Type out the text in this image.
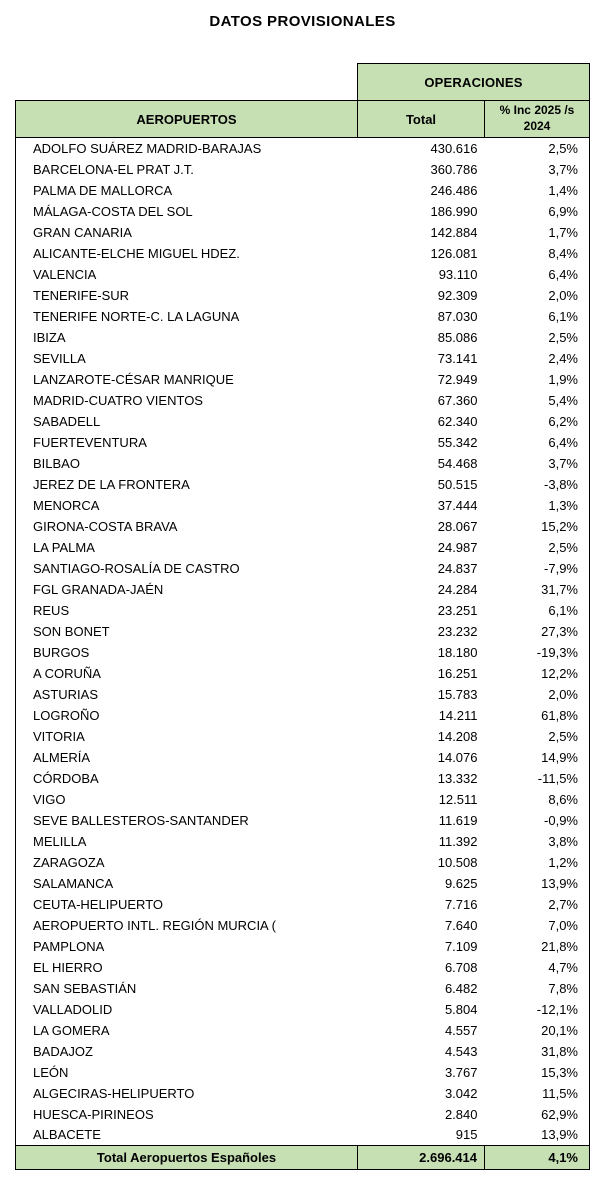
DATOS PROVISIONALES
	OPERACIONES	
AEROPUERTOS	Total	% Inc 2025 /s 2024
ADOLFO SUÁREZ MADRID-BARAJAS	430.616	2,5%
BARCELONA-EL PRAT J.T.	360.786	3,7%
PALMA DE MALLORCA	246.486	1,4%
MÁLAGA-COSTA DEL SOL	186.990	6,9%
GRAN CANARIA	142.884	1,7%
ALICANTE-ELCHE MIGUEL HDEZ.	126.081	8,4%
VALENCIA	93.110	6,4%
TENERIFE-SUR	92.309	2,0%
TENERIFE NORTE-C. LA LAGUNA	87.030	6,1%
IBIZA	85.086	2,5%
SEVILLA	73.141	2,4%
LANZAROTE-CÉSAR MANRIQUE	72.949	1,9%
MADRID-CUATRO VIENTOS	67.360	5,4%
SABADELL	62.340	6,2%
FUERTEVENTURA	55.342	6,4%
BILBAO	54.468	3,7%
JEREZ DE LA FRONTERA	50.515	-3,8%
MENORCA	37.444	1,3%
GIRONA-COSTA BRAVA	28.067	15,2%
LA PALMA	24.987	2,5%
SANTIAGO-ROSALÍA DE CASTRO	24.837	-7,9%
FGL GRANADA-JAÉN	24.284	31,7%
REUS	23.251	6,1%
SON BONET	23.232	27,3%
BURGOS	18.180	-19,3%
A CORUÑA	16.251	12,2%
ASTURIAS	15.783	2,0%
LOGROÑO	14.211	61,8%
VITORIA	14.208	2,5%
ALMERÍA	14.076	14,9%
CÓRDOBA	13.332	-11,5%
VIGO	12.511	8,6%
SEVE BALLESTEROS-SANTANDER	11.619	-0,9%
MELILLA	11.392	3,8%
ZARAGOZA	10.508	1,2%
SALAMANCA	9.625	13,9%
CEUTA-HELIPUERTO	7.716	2,7%
AEROPUERTO INTL. REGIÓN MURCIA (	7.640	7,0%
PAMPLONA	7.109	21,8%
EL HIERRO	6.708	4,7%
SAN SEBASTIÁN	6.482	7,8%
VALLADOLID	5.804	-12,1%
LA GOMERA	4.557	20,1%
BADAJOZ	4.543	31,8%
LEÓN	3.767	15,3%
ALGECIRAS-HELIPUERTO	3.042	11,5%
HUESCA-PIRINEOS	2.840	62,9%
ALBACETE	915	13,9%
Total Aeropuertos Españoles	2.696.414	4,1%
